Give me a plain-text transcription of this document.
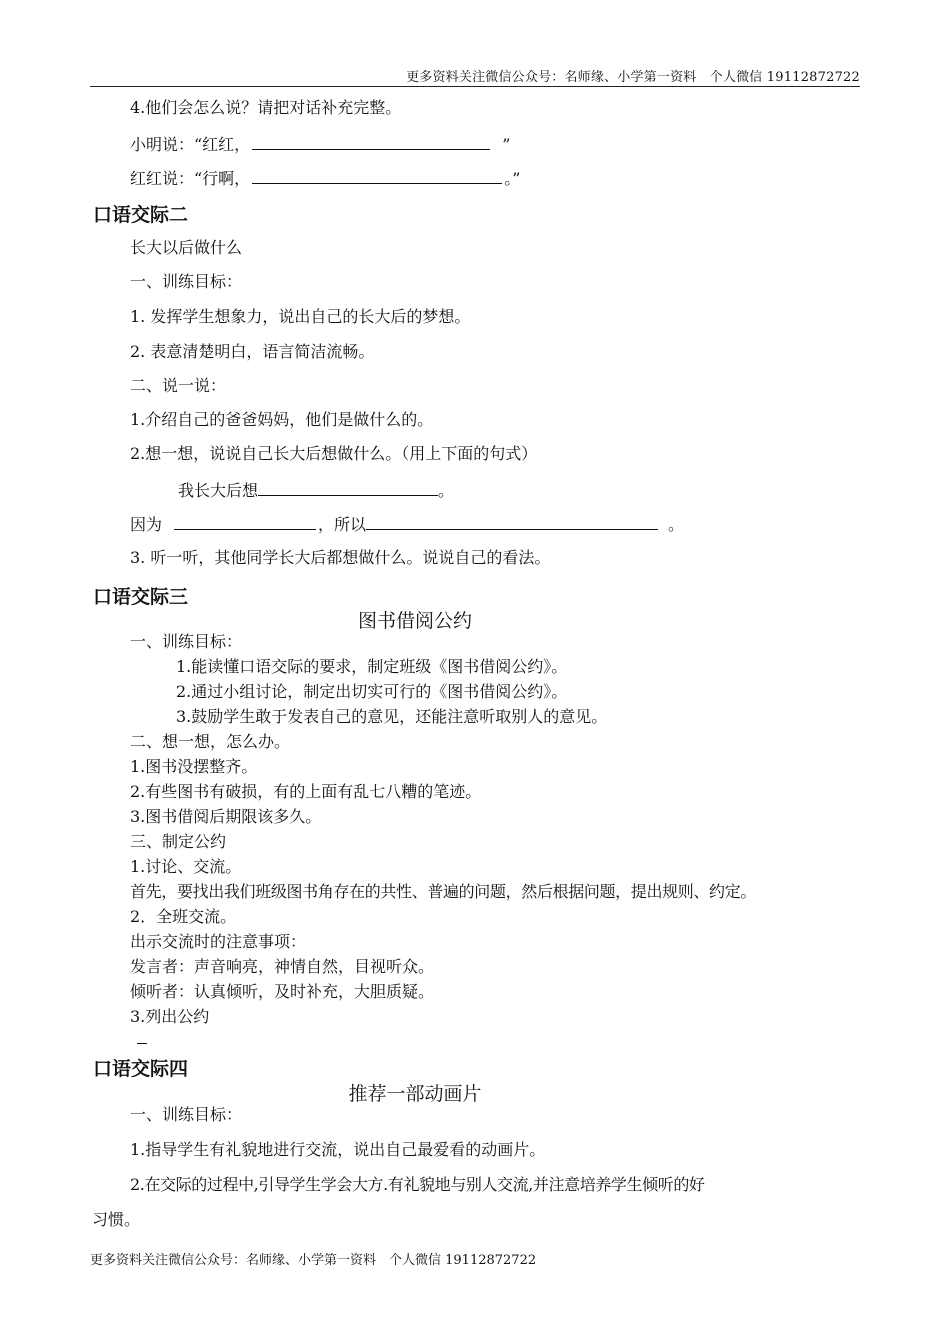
更多资料关注微信公众号：名师缘、小学第一资料　个人微信 19112872722
4.他们会怎么说？请把对话补充完整。
小明说：“红红，	”
红红说：“行啊，	。”
口语交际二
长大以后做什么
一、训练目标：
1. 发挥学生想象力，说出自己的长大后的梦想。
2. 表意清楚明白，语言简洁流畅。
二、说一说：
1.介绍自己的爸爸妈妈，他们是做什么的。
2.想一想，说说自己长大后想做什么。（用上下面的句式）
我长大后想	。
因为	，所以	。
3. 听一听，其他同学长大后都想做什么。说说自己的看法。
口语交际三
图书借阅公约
一、训练目标：
1.能读懂口语交际的要求，制定班级《图书借阅公约》。
2.通过小组讨论，制定出切实可行的《图书借阅公约》。
3.鼓励学生敢于发表自己的意见，还能注意听取别人的意见。
二、想一想，怎么办。
1.图书没摆整齐。
2.有些图书有破损，有的上面有乱七八糟的笔迹。
3.图书借阅后期限该多久。
三、制定公约
1.讨论、交流。
首先，要找出我们班级图书角存在的共性、普遍的问题，然后根据问题，提出规则、约定。
2．全班交流。
出示交流时的注意事项：
发言者：声音响亮，神情自然，目视听众。
倾听者：认真倾听，及时补充，大胆质疑。
3.列出公约
口语交际四
推荐一部动画片
一、训练目标：
1.指导学生有礼貌地进行交流，说出自己最爱看的动画片。
2.在交际的过程中,引导学生学会大方.有礼貌地与别人交流,并注意培养学生倾听的好
习惯。
更多资料关注微信公众号：名师缘、小学第一资料　个人微信 19112872722
